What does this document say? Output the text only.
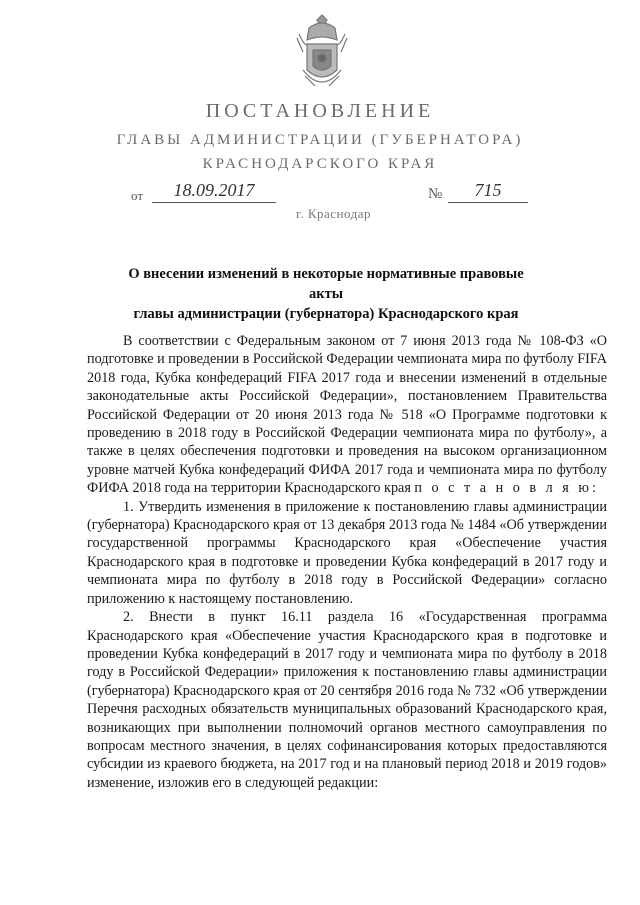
ПОСТАНОВЛЕНИЕ
ГЛАВЫ АДМИНИСТРАЦИИ (ГУБЕРНАТОРА)
КРАСНОДАРСКОГО КРАЯ
от	18.09.2017	№	715
г. Краснодар
О внесении изменений в некоторые нормативные правовые акты
главы администрации (губернатора) Краснодарского края

В соответствии с Федеральным законом от 7 июня 2013 года № 108-ФЗ «О подготовке и проведении в Российской Федерации чемпионата мира по футболу FIFA 2018 года, Кубка конфедераций FIFA 2017 года и внесении изменений в отдельные законодательные акты Российской Федерации», постановлением Правительства Российской Федерации от 20 июня 2013 года № 518 «О Программе подготовки к проведению в 2018 году в Российской Федерации чемпионата мира по футболу», а также в целях обеспечения подготовки и проведения на высоком организационном уровне матчей Кубка конфедераций ФИФА 2017 года и чемпионата мира по футболу ФИФА 2018 года на территории Краснодарского края п о с т а н о в л я ю:

1. Утвердить изменения в приложение к постановлению главы администрации (губернатора) Краснодарского края от 13 декабря 2013 года № 1484 «Об утверждении государственной программы Краснодарского края «Обеспечение участия Краснодарского края в подготовке и проведении Кубка конфедераций в 2017 году и чемпионата мира по футболу в 2018 году в Российской Федерации» согласно приложению к настоящему постановлению.

2. Внести в пункт 16.11 раздела 16 «Государственная программа Краснодарского края «Обеспечение участия Краснодарского края в подготовке и проведении Кубка конфедераций в 2017 году и чемпионата мира по футболу в 2018 году в Российской Федерации» приложения к постановлению главы администрации (губернатора) Краснодарского края от 20 сентября 2016 года № 732 «Об утверждении Перечня расходных обязательств муниципальных образований Краснодарского края, возникающих при выполнении полномочий органов местного самоуправления по вопросам местного значения, в целях софинансирования которых предоставляются субсидии из краевого бюджета, на 2017 год и на плановый период 2018 и 2019 годов» изменение, изложив его в следующей редакции:
